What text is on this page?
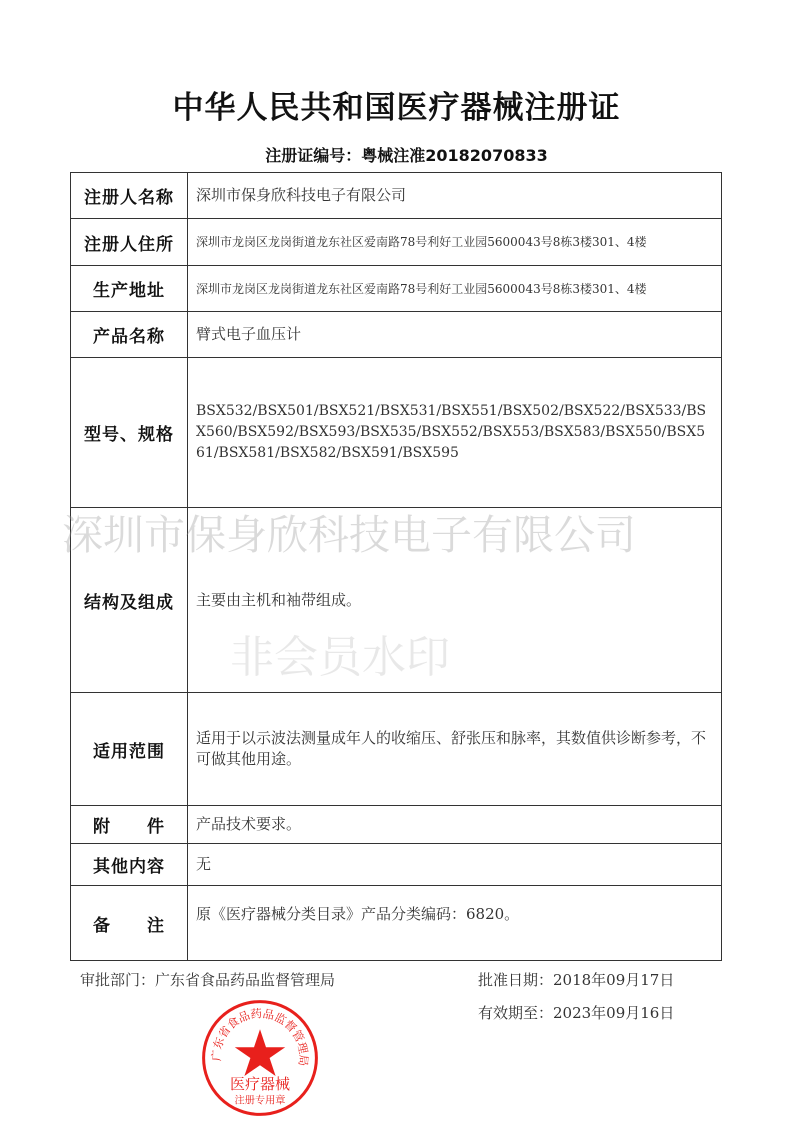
中华人民共和国医疗器械注册证
注册证编号：粤械注准20182070833
注册人名称	深圳市保身欣科技电子有限公司
注册人住所	深圳市龙岗区龙岗街道龙东社区爱南路78号利好工业园5600043号8栋3楼301、4楼
生产地址	深圳市龙岗区龙岗街道龙东社区爱南路78号利好工业园5600043号8栋3楼301、4楼
产品名称	臂式电子血压计
型号、规格	BSX532/BSX501/BSX521/BSX531/BSX551/BSX502/BSX522/BSX533/BSX560/BSX592/BSX593/BSX535/BSX552/BSX553/BSX583/BSX550/BSX561/BSX581/BSX582/BSX591/BSX595
结构及组成	主要由主机和袖带组成。
适用范围	适用于以示波法测量成年人的收缩压、舒张压和脉率，其数值供诊断参考，不可做其他用途。
附　　件	产品技术要求。
其他内容	无
备　　注	原《医疗器械分类目录》产品分类编码：6820。
审批部门：广东省食品药品监督管理局	批准日期：2018年09月17日
有效期至：2023年09月16日
深圳市保身欣科技电子有限公司
非会员水印
广东省食品药品监督管理局
医疗器械
注册专用章
